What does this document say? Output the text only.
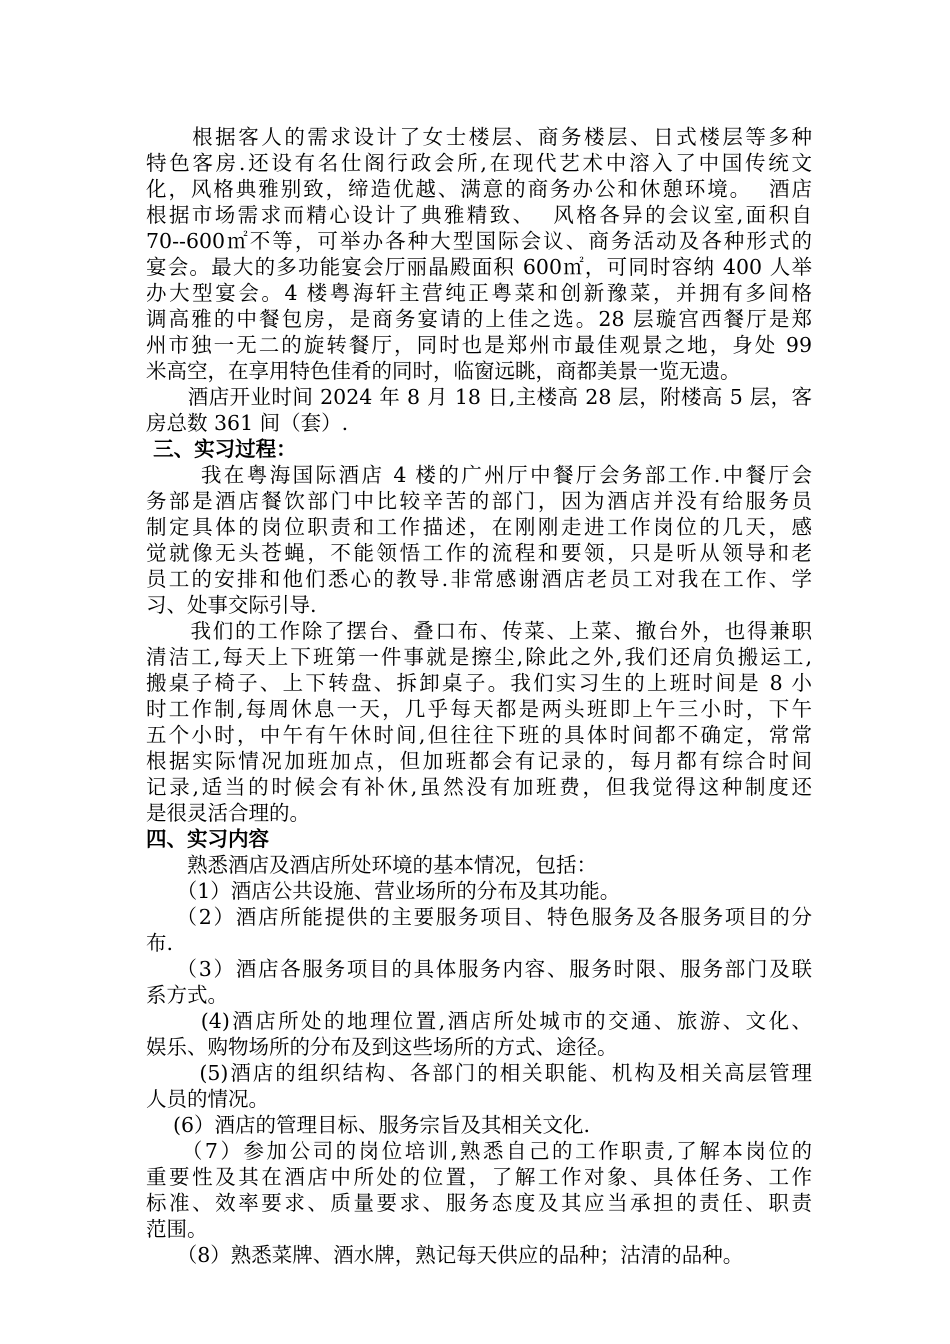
　　根据客人的需求设计了女士楼层、商务楼层、日式楼层等多种
特色客房.还设有名仕阁行政会所,在现代艺术中溶入了中国传统文
化，风格典雅别致，缔造优越、满意的商务办公和休憩环境。  酒店
根据市场需求而精心设计了典雅精致、  风格各异的会议室,面积自
70--600㎡不等，可举办各种大型国际会议、商务活动及各种形式的
宴会。最大的多功能宴会厅丽晶殿面积 600㎡，可同时容纳 400 人举
办大型宴会。4 楼粤海轩主营纯正粤菜和创新豫菜，并拥有多间格
调高雅的中餐包房，是商务宴请的上佳之选。28 层璇宫西餐厅是郑
州市独一无二的旋转餐厅，同时也是郑州市最佳观景之地，身处 99
米高空，在享用特色佳肴的同时，临窗远眺，商都美景一览无遗。
　　酒店开业时间 2024 年 8 月 18 日,主楼高 28 层，附楼高 5 层，客
房总数 361 间（套）.
三、实习过程：
　　 我在粤海国际酒店 4 楼的广州厅中餐厅会务部工作.中餐厅会
务部是酒店餐饮部门中比较辛苦的部门，因为酒店并没有给服务员
制定具体的岗位职责和工作描述，在刚刚走进工作岗位的几天，感
觉就像无头苍蝇，不能领悟工作的流程和要领，只是听从领导和老
员工的安排和他们悉心的教导.非常感谢酒店老员工对我在工作、学
习、处事交际引导.
　　我们的工作除了摆台、叠口布、传菜、上菜、撤台外，也得兼职
清洁工,每天上下班第一件事就是擦尘,除此之外,我们还肩负搬运工,
搬桌子椅子、上下转盘、拆卸桌子。我们实习生的上班时间是 8 小
时工作制,每周休息一天，几乎每天都是两头班即上午三小时，下午
五个小时，中午有午休时间,但往往下班的具体时间都不确定，常常
根据实际情况加班加点，但加班都会有记录的，每月都有综合时间
记录,适当的时候会有补休,虽然没有加班费，但我觉得这种制度还
是很灵活合理的。
四、实习内容
　　熟悉酒店及酒店所处环境的基本情况，包括：
　　（1）酒店公共设施、营业场所的分布及其功能。
　 （2）酒店所能提供的主要服务项目、特色服务及各服务项目的分
布.
　 （3）酒店各服务项目的具体服务内容、服务时限、服务部门及联
系方式。
　　 (4)酒店所处的地理位置,酒店所处城市的交通、旅游、文化、
娱乐、购物场所的分布及到这些场所的方式、途径。
　　 (5)酒店的组织结构、各部门的相关职能、机构及相关高层管理
人员的情况。
　 (6）酒店的管理目标、服务宗旨及其相关文化.
　　（7）参加公司的岗位培训,熟悉自己的工作职责,了解本岗位的
重要性及其在酒店中所处的位置，了解工作对象、具体任务、工作
标准、效率要求、质量要求、服务态度及其应当承担的责任、职责
范围。
　　（8）熟悉菜牌、酒水牌，熟记每天供应的品种；沽清的品种。
